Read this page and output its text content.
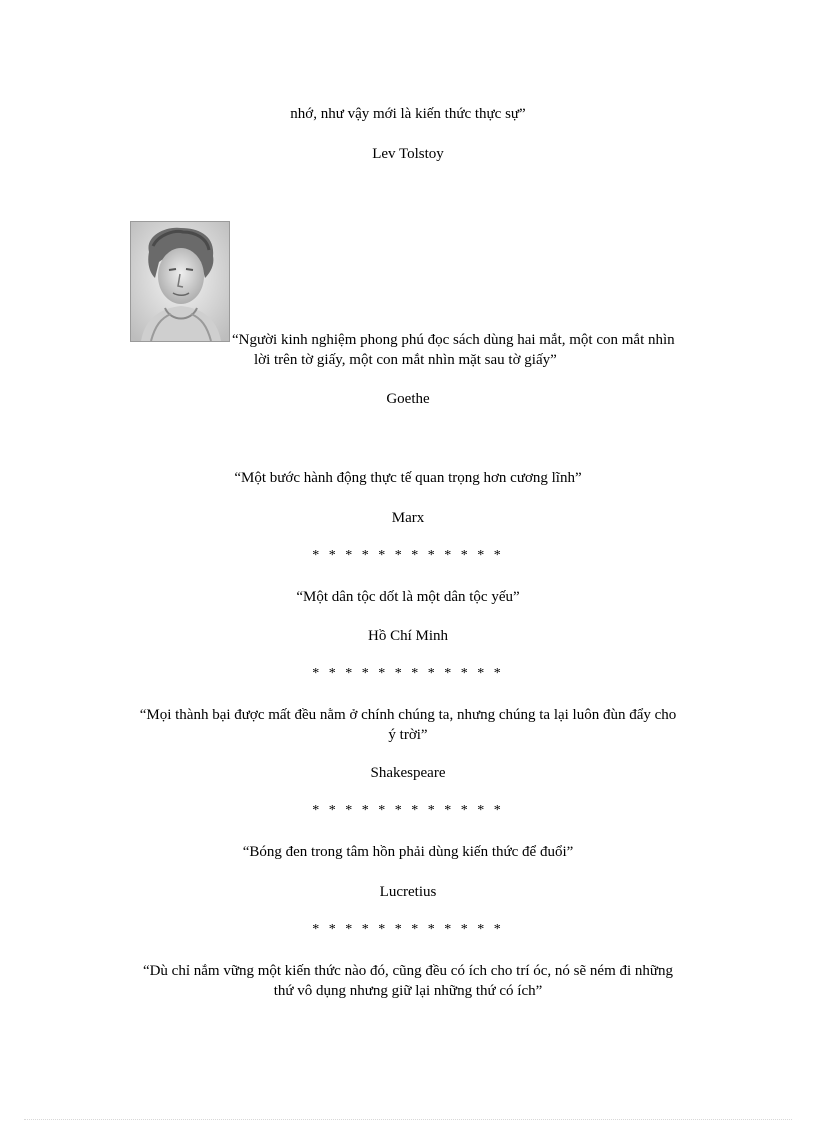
nhớ, như vậy mới là kiến thức thực sự”
Lev Tolstoy
“Người kinh nghiệm phong phú đọc sách dùng hai mắt, một con mắt nhìn
lời trên tờ giấy, một con mắt nhìn mặt sau tờ giấy”
Goethe
“Một bước hành động thực tế quan trọng hơn cương lĩnh”
Marx
* * * * * * * * * * * *
“Một dân tộc dốt là một dân tộc yếu”
Hồ Chí Minh
* * * * * * * * * * * *
“Mọi thành bại được mất đều nằm ở chính chúng ta, nhưng chúng ta lại luôn đùn đẩy cho
ý trời”
Shakespeare
* * * * * * * * * * * *
“Bóng đen trong tâm hồn phải dùng kiến thức để đuổi”
Lucretius
* * * * * * * * * * * *
“Dù chỉ nắm vững một kiến thức nào đó, cũng đều có ích cho trí óc, nó sẽ ném đi những
thứ vô dụng nhưng giữ lại những thứ có ích”
